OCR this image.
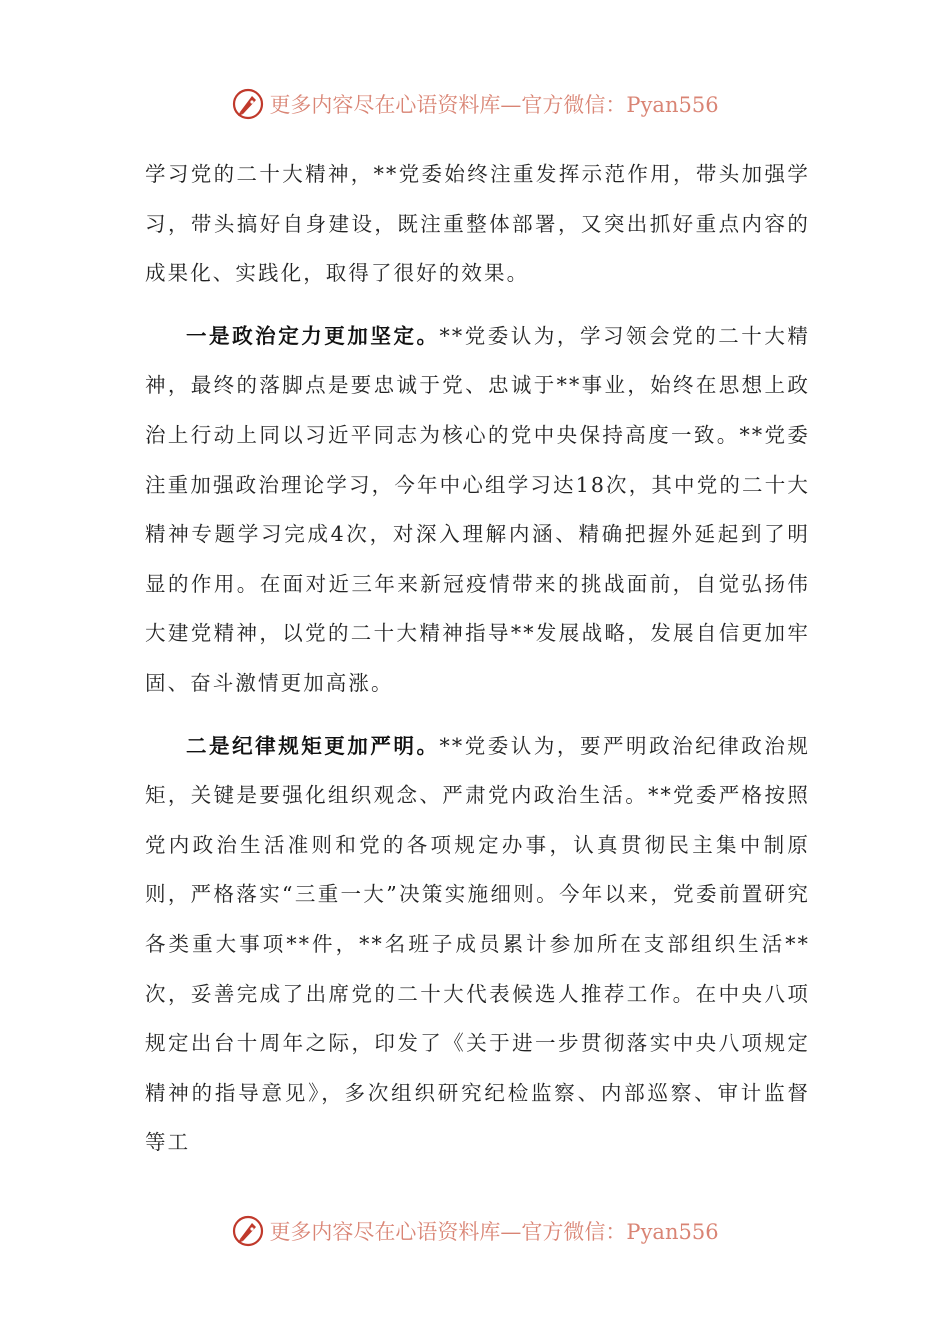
更多内容尽在心语资料库—官方微信：Pyan556

学习党的二十大精神，**党委始终注重发挥示范作用，带头加强学习，带头搞好自身建设，既注重整体部署，又突出抓好重点内容的成果化、实践化，取得了很好的效果。

一是政治定力更加坚定。**党委认为，学习领会党的二十大精神，最终的落脚点是要忠诚于党、忠诚于**事业，始终在思想上政治上行动上同以习近平同志为核心的党中央保持高度一致。**党委注重加强政治理论学习，今年中心组学习达18次，其中党的二十大精神专题学习完成4次，对深入理解内涵、精确把握外延起到了明显的作用。在面对近三年来新冠疫情带来的挑战面前，自觉弘扬伟大建党精神，以党的二十大精神指导**发展战略，发展自信更加牢固、奋斗激情更加高涨。

二是纪律规矩更加严明。**党委认为，要严明政治纪律政治规矩，关键是要强化组织观念、严肃党内政治生活。**党委严格按照党内政治生活准则和党的各项规定办事，认真贯彻民主集中制原则，严格落实“三重一大”决策实施细则。今年以来，党委前置研究各类重大事项**件，**名班子成员累计参加所在支部组织生活**次，妥善完成了出席党的二十大代表候选人推荐工作。在中央八项规定出台十周年之际，印发了《关于进一步贯彻落实中央八项规定精神的指导意见》，多次组织研究纪检监察、内部巡察、审计监督等工

更多内容尽在心语资料库—官方微信：Pyan556
